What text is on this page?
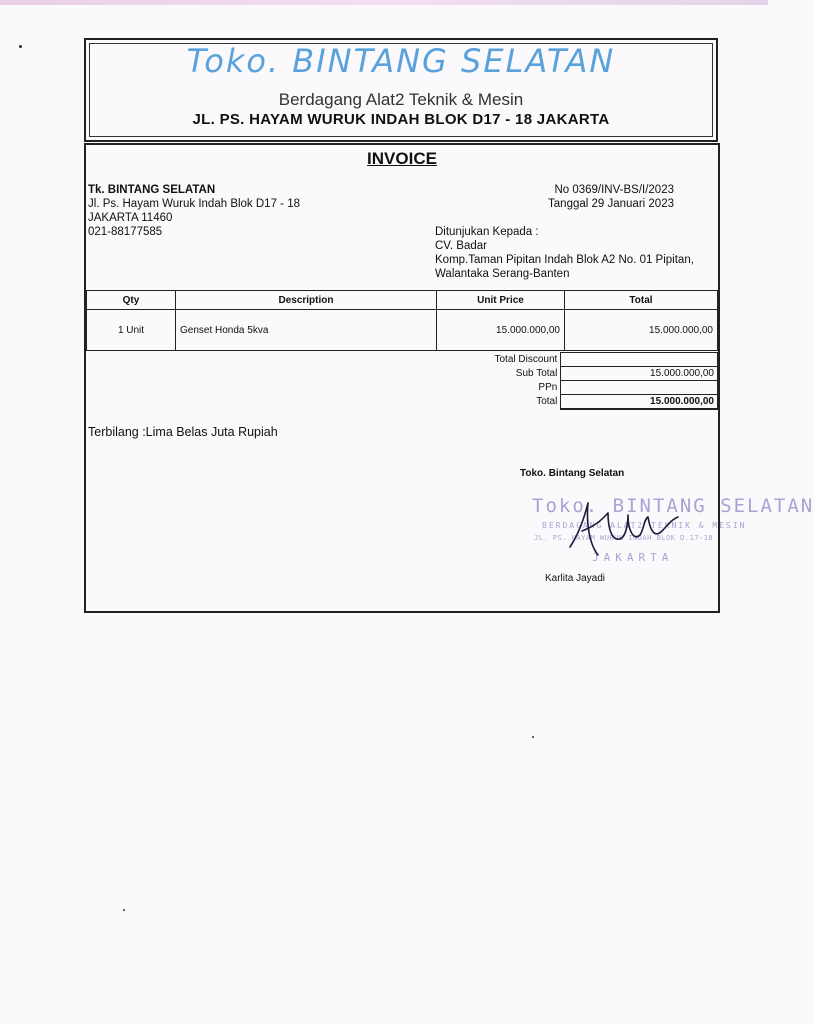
Toko. BINTANG SELATAN
Berdagang Alat2 Teknik & Mesin
JL. PS. HAYAM WURUK INDAH BLOK D17 - 18 JAKARTA
INVOICE
Tk. BINTANG SELATAN
Jl. Ps. Hayam Wuruk Indah Blok D17 - 18
JAKARTA 11460
021-88177585
No 0369/INV-BS/I/2023
Tanggal 29 Januari 2023
Ditunjukan Kepada :
CV. Badar
Komp.Taman Pipitan Indah Blok A2 No. 01 Pipitan,
Walantaka Serang-Banten
Qty	Description	Unit Price	Total
1 Unit	Genset Honda 5kva	15.000.000,00	15.000.000,00
Total Discount	
Sub Total	15.000.000,00
PPn	
Total	15.000.000,00
Terbilang :Lima Belas Juta Rupiah
Toko. Bintang Selatan
Toko. BINTANG SELATAN
BERDAGANG ALAT2 TEKNIK & MESIN
JL. PS. HAYAM WURUK INDAH BLOK D.17-18
JAKARTA
Karlita Jayadi
